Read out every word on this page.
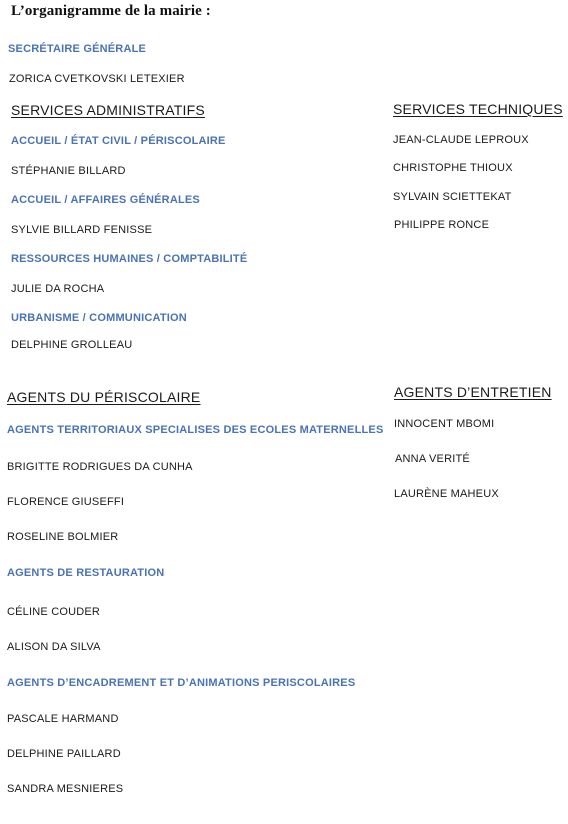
L’organigramme de la mairie :
SECRÉTAIRE GÉNÉRALE
ZORICA CVETKOVSKI LETEXIER
SERVICES ADMINISTRATIFS
ACCUEIL / ÉTAT CIVIL / PÉRISCOLAIRE
STÉPHANIE BILLARD
ACCUEIL / AFFAIRES GÉNÉRALES
SYLVIE BILLARD FENISSE
RESSOURCES HUMAINES / COMPTABILITÉ
JULIE DA ROCHA
URBANISME / COMMUNICATION
DELPHINE GROLLEAU
SERVICES TECHNIQUES
JEAN-CLAUDE LEPROUX
CHRISTOPHE THIOUX
SYLVAIN SCIETTEKAT
PHILIPPE RONCE
AGENTS DU PÉRISCOLAIRE
AGENTS TERRITORIAUX SPECIALISES DES ECOLES MATERNELLES
BRIGITTE RODRIGUES DA CUNHA
FLORENCE GIUSEFFI
ROSELINE BOLMIER
AGENTS DE RESTAURATION
CÉLINE COUDER
ALISON DA SILVA
AGENTS D’ENCADREMENT ET D’ANIMATIONS PERISCOLAIRES
PASCALE HARMAND
DELPHINE PAILLARD
SANDRA MESNIERES
AGENTS D’ENTRETIEN
INNOCENT MBOMI
ANNA VERITÉ
LAURÈNE MAHEUX
